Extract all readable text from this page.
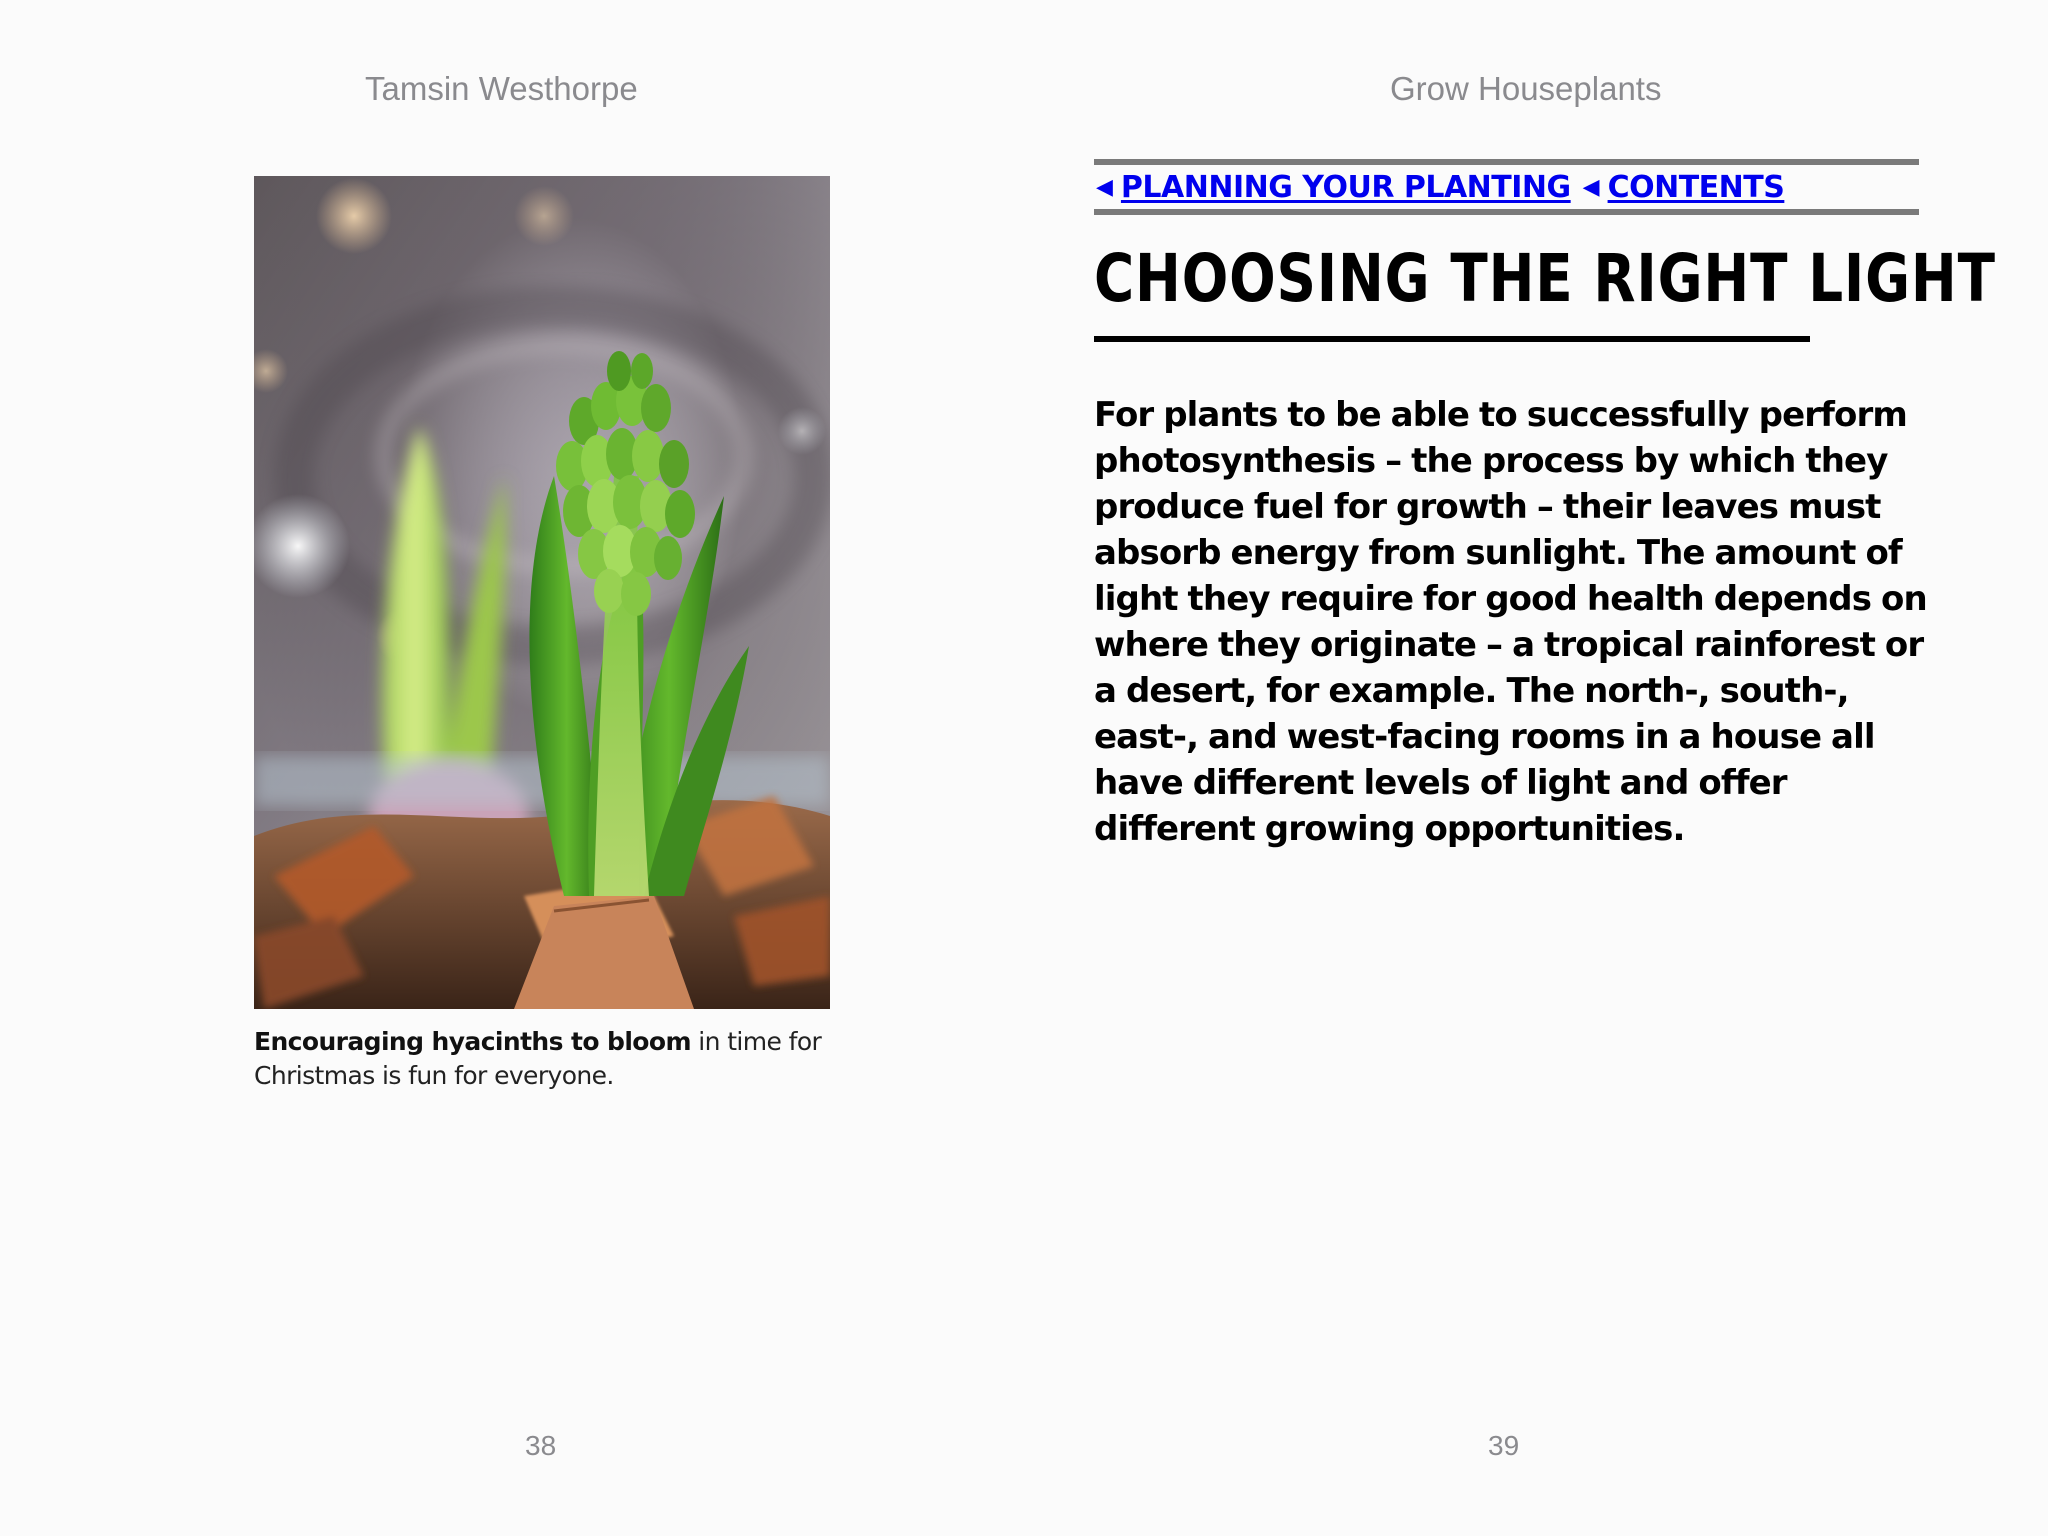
Tamsin Westhorpe
Encouraging hyacinths to bloom in time for Christmas is fun for everyone.
38
Grow Houseplants
◀ PLANNING YOUR PLANTING ◀ CONTENTS
CHOOSING THE RIGHT LIGHT
For plants to be able to successfully perform photosynthesis – the process by which they produce fuel for growth – their leaves must absorb energy from sunlight. The amount of light they require for good health depends on where they originate – a tropical rainforest or a desert, for example. The north-, south-, east-, and west-facing rooms in a house all have different levels of light and offer different growing opportunities.
39
